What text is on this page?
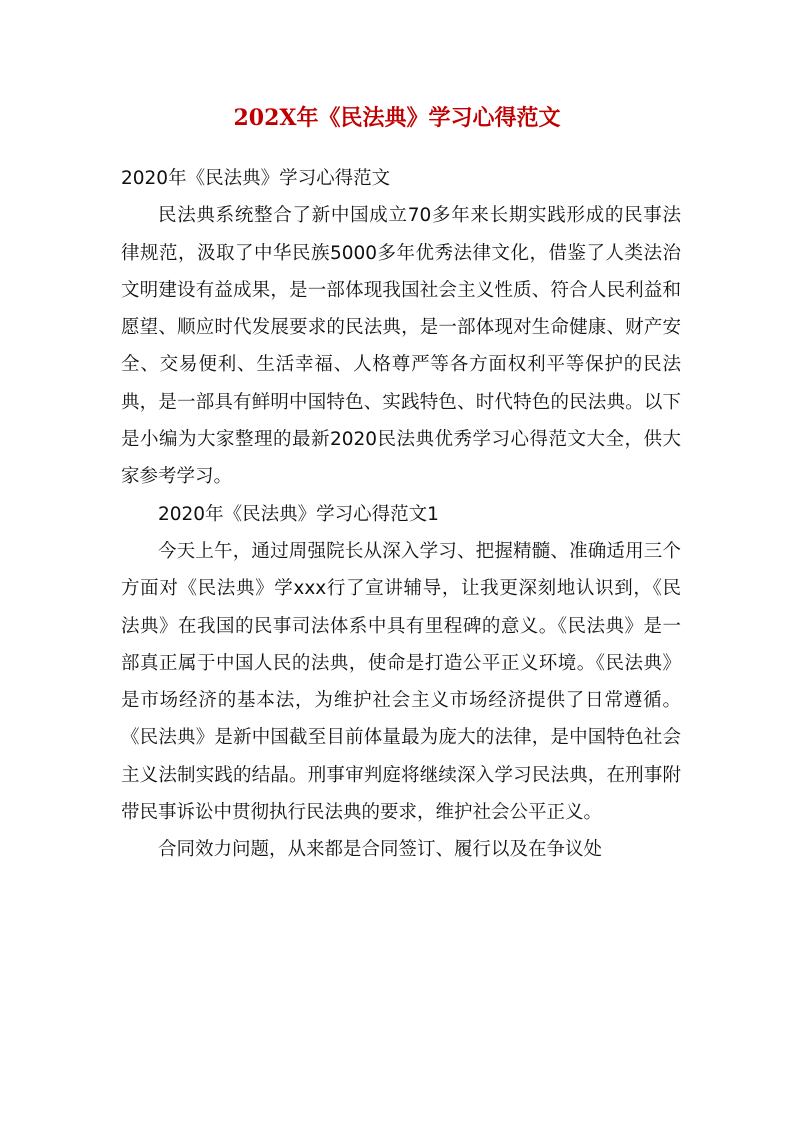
202X年《民法典》学习心得范文

2020年《民法典》学习心得范文

民法典系统整合了新中国成立70多年来长期实践形成的民事法律规范，汲取了中华民族5000多年优秀法律文化，借鉴了人类法治文明建设有益成果，是一部体现我国社会主义性质、符合人民利益和愿望、顺应时代发展要求的民法典，是一部体现对生命健康、财产安全、交易便利、生活幸福、人格尊严等各方面权利平等保护的民法典，是一部具有鲜明中国特色、实践特色、时代特色的民法典。以下是小编为大家整理的最新2020民法典优秀学习心得范文大全，供大家参考学习。

2020年《民法典》学习心得范文1

今天上午，通过周强院长从深入学习、把握精髓、准确适用三个方面对《民法典》学xxx行了宣讲辅导，让我更深刻地认识到，《民法典》在我国的民事司法体系中具有里程碑的意义。《民法典》是一部真正属于中国人民的法典，使命是打造公平正义环境。《民法典》是市场经济的基本法，为维护社会主义市场经济提供了日常遵循。《民法典》是新中国截至目前体量最为庞大的法律，是中国特色社会主义法制实践的结晶。刑事审判庭将继续深入学习民法典，在刑事附带民事诉讼中贯彻执行民法典的要求，维护社会公平正义。

合同效力问题，从来都是合同签订、履行以及在争议处
